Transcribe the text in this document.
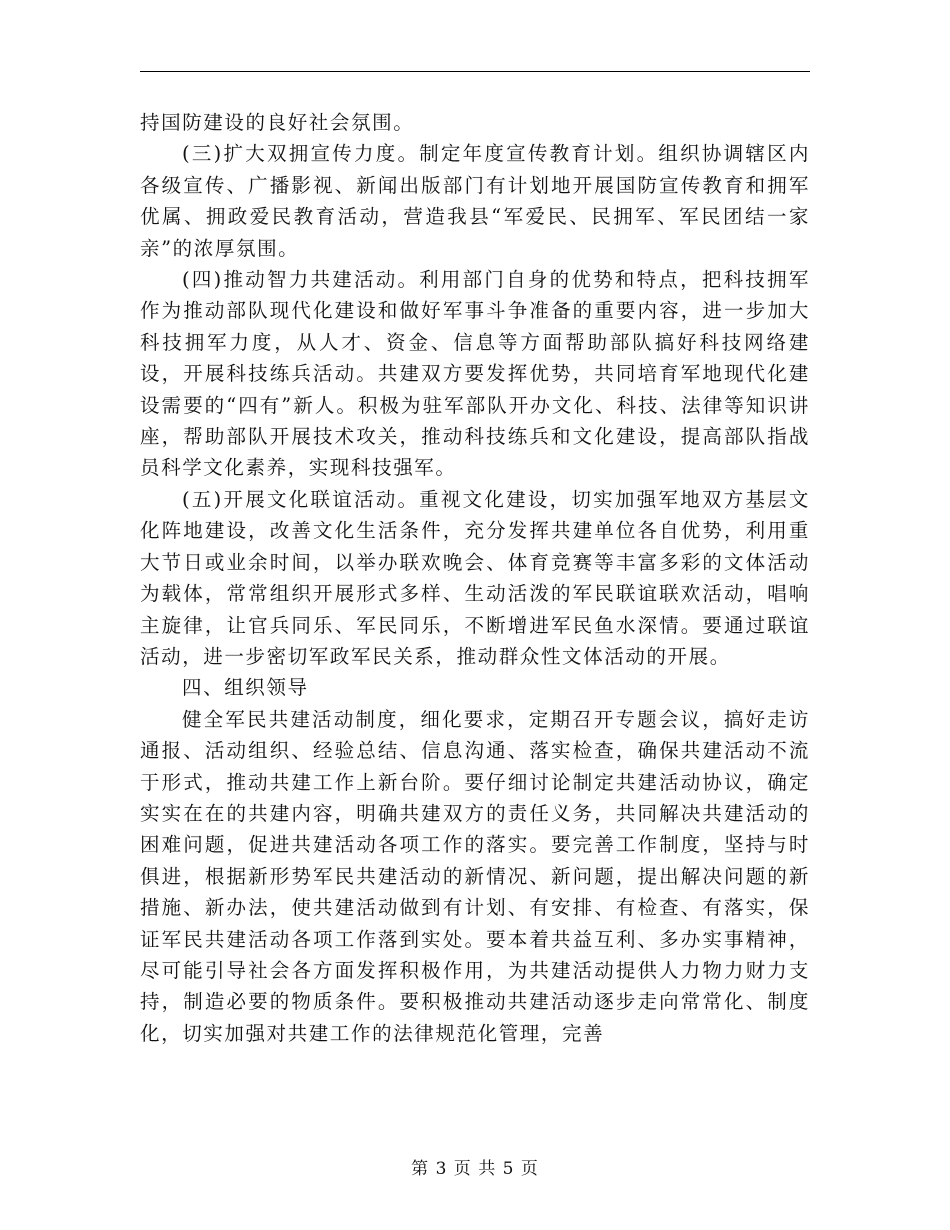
持国防建设的良好社会氛围。

(三)扩大双拥宣传力度。制定年度宣传教育计划。组织协调辖区内各级宣传、广播影视、新闻出版部门有计划地开展国防宣传教育和拥军优属、拥政爱民教育活动，营造我县“军爱民、民拥军、军民团结一家亲”的浓厚氛围。

(四)推动智力共建活动。利用部门自身的优势和特点，把科技拥军作为推动部队现代化建设和做好军事斗争准备的重要内容，进一步加大科技拥军力度，从人才、资金、信息等方面帮助部队搞好科技网络建设，开展科技练兵活动。共建双方要发挥优势，共同培育军地现代化建设需要的“四有”新人。积极为驻军部队开办文化、科技、法律等知识讲座，帮助部队开展技术攻关，推动科技练兵和文化建设，提高部队指战员科学文化素养，实现科技强军。

(五)开展文化联谊活动。重视文化建设，切实加强军地双方基层文化阵地建设，改善文化生活条件，充分发挥共建单位各自优势，利用重大节日或业余时间，以举办联欢晚会、体育竞赛等丰富多彩的文体活动为载体，常常组织开展形式多样、生动活泼的军民联谊联欢活动，唱响主旋律，让官兵同乐、军民同乐，不断增进军民鱼水深情。要通过联谊活动，进一步密切军政军民关系，推动群众性文体活动的开展。

四、组织领导

健全军民共建活动制度，细化要求，定期召开专题会议，搞好走访通报、活动组织、经验总结、信息沟通、落实检查，确保共建活动不流于形式，推动共建工作上新台阶。要仔细讨论制定共建活动协议，确定实实在在的共建内容，明确共建双方的责任义务，共同解决共建活动的困难问题，促进共建活动各项工作的落实。要完善工作制度，坚持与时俱进，根据新形势军民共建活动的新情况、新问题，提出解决问题的新措施、新办法，使共建活动做到有计划、有安排、有检查、有落实，保证军民共建活动各项工作落到实处。要本着共益互利、多办实事精神，尽可能引导社会各方面发挥积极作用，为共建活动提供人力物力财力支持，制造必要的物质条件。要积极推动共建活动逐步走向常常化、制度化，切实加强对共建工作的法律规范化管理，完善

第 3 页 共 5 页
